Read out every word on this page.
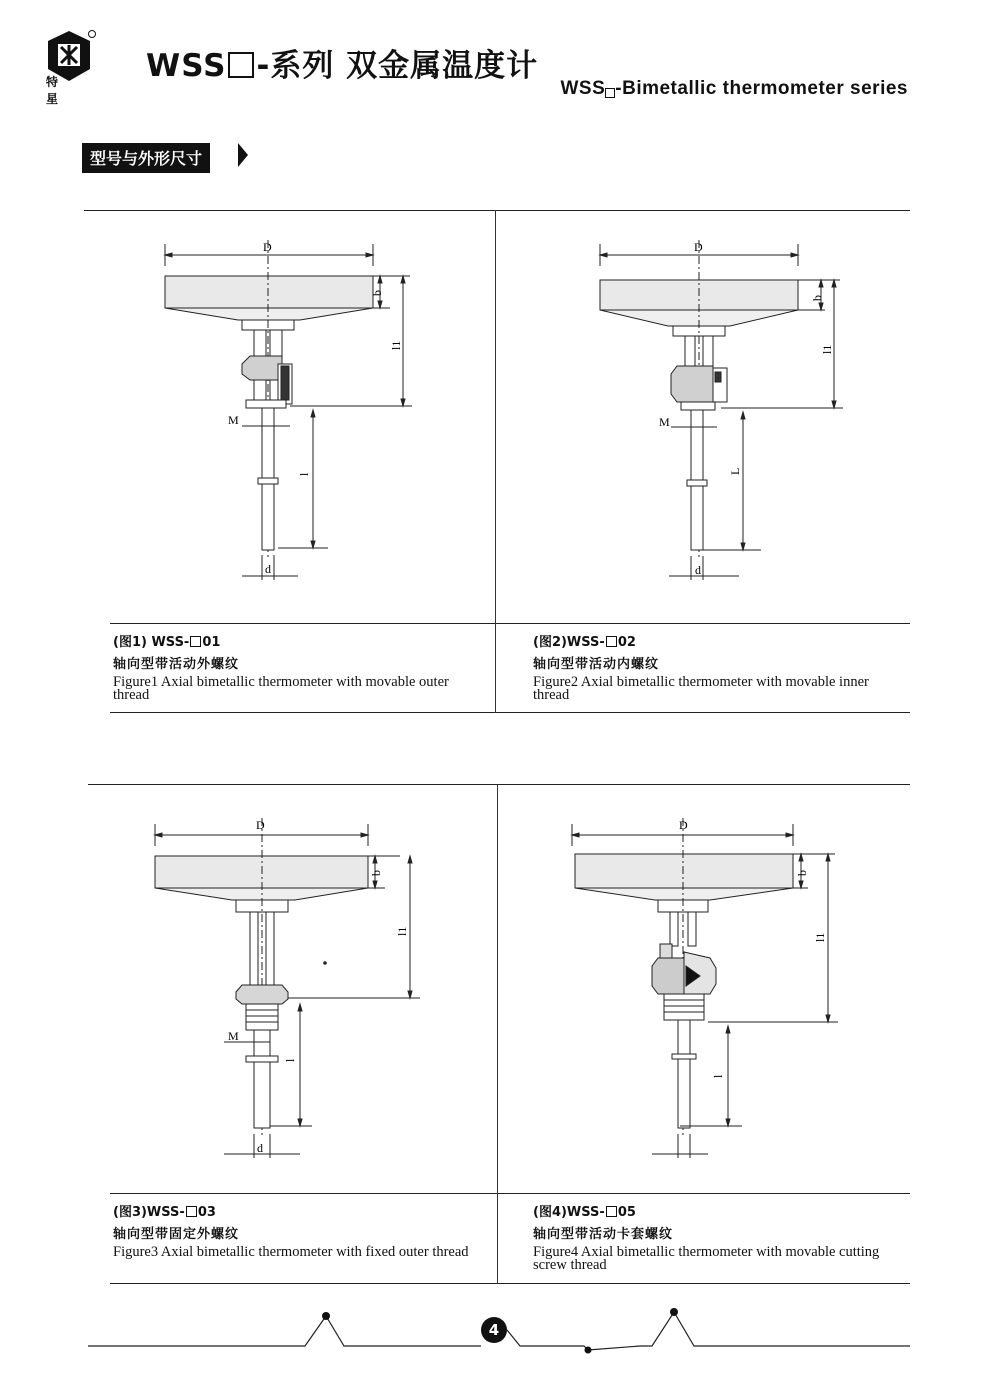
特 星
WSS -系列 双金属温度计
WSS -Bimetallic thermometer series
型号与外形尺寸
D
b
l1
M
l
d
(图1) WSS- 01
轴向型带活动外螺纹
Figure1 Axial bimetallic thermometer with movable outer thread
D
b
l1
M
L
d
(图2)WSS- 02
轴向型带活动内螺纹
Figure2 Axial bimetallic thermometer with movable inner thread
D
b
l1
M
l
d
(图3)WSS- 03
轴向型带固定外螺纹
Figure3 Axial bimetallic thermometer with fixed outer thread
D
b
l1
l
(图4)WSS- 05
轴向型带活动卡套螺纹
Figure4 Axial bimetallic thermometer with movable cutting screw thread
4
